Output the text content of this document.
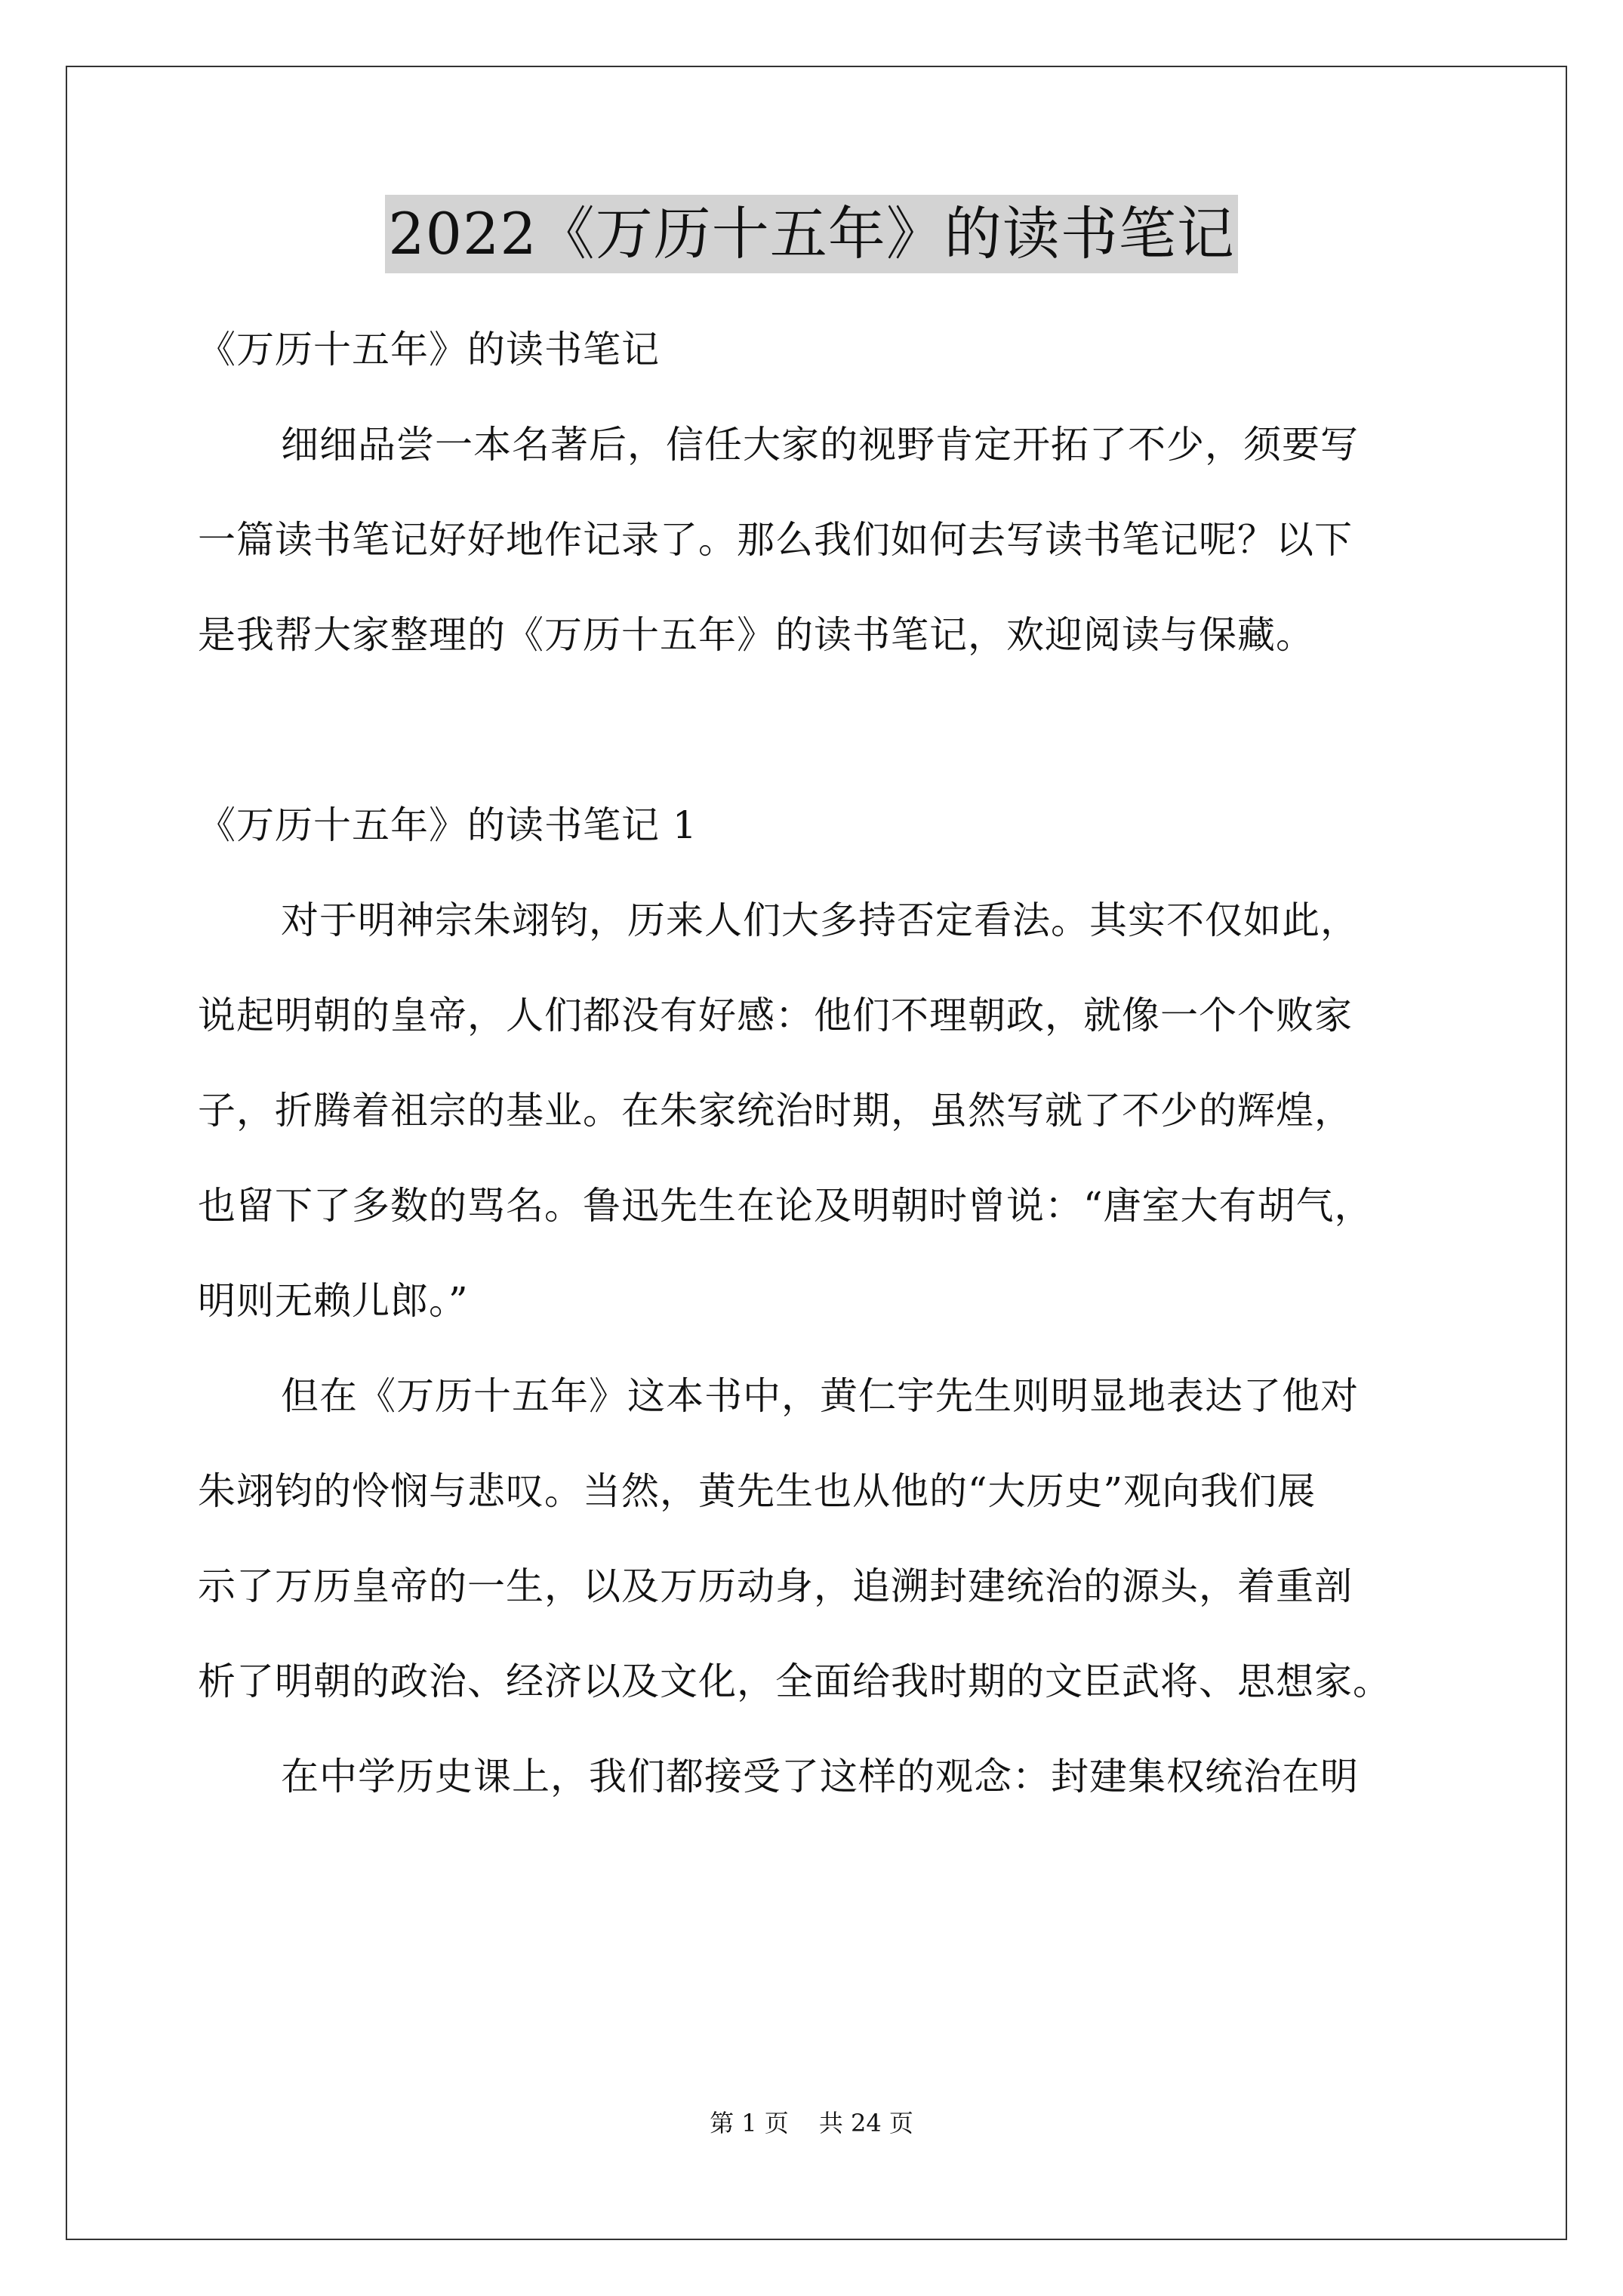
2022《万历十五年》的读书笔记
《万历十五年》的读书笔记
细细品尝一本名著后，信任大家的视野肯定开拓了不少，须要写
一篇读书笔记好好地作记录了。那么我们如何去写读书笔记呢？以下
是我帮大家整理的《万历十五年》的读书笔记，欢迎阅读与保藏。
《万历十五年》的读书笔记 1
对于明神宗朱翊钧，历来人们大多持否定看法。其实不仅如此，
说起明朝的皇帝，人们都没有好感：他们不理朝政，就像一个个败家
子，折腾着祖宗的基业。在朱家统治时期，虽然写就了不少的辉煌，
也留下了多数的骂名。鲁迅先生在论及明朝时曾说：“唐室大有胡气，
明则无赖儿郎。”
但在《万历十五年》这本书中，黄仁宇先生则明显地表达了他对
朱翊钧的怜悯与悲叹。当然，黄先生也从他的“大历史”观向我们展
示了万历皇帝的一生，以及万历动身，追溯封建统治的源头，着重剖
析了明朝的政治、经济以及文化，全面给我时期的文臣武将、思想家。
在中学历史课上，我们都接受了这样的观念：封建集权统治在明
第 1 页 共 24 页
